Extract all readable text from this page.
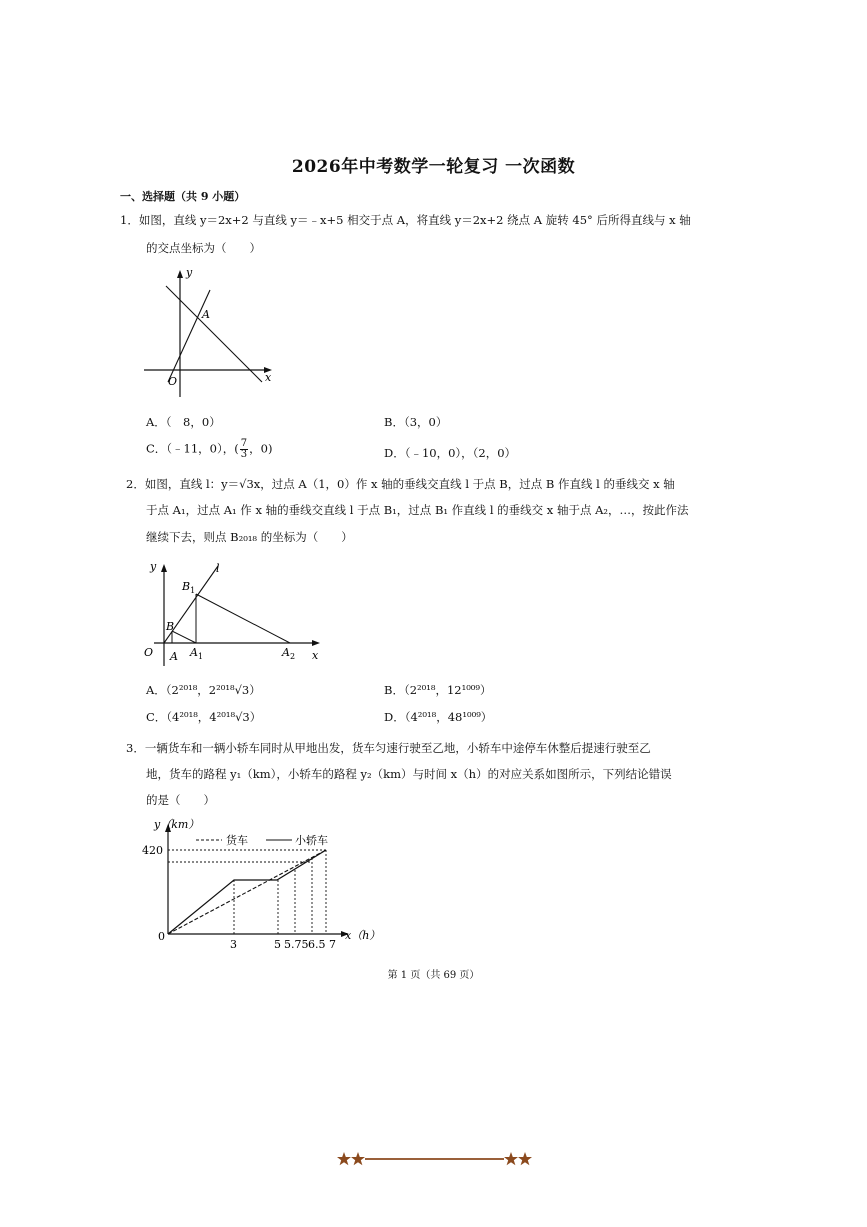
2026年中考数学一轮复习 一次函数
一、选择题（共 9 小题）
1．如图，直线 y＝2x+2 与直线 y＝﹣x+5 相交于点 A，将直线 y＝2x+2 绕点 A 旋转 45° 后所得直线与 x 轴
的交点坐标为（　　）
y
x
A
O
A．（　8，0）	B．（3，0）
C．（﹣11，0），( $\frac{7}{3}$ ，0)	D．（﹣10，0），（2，0）
2．如图，直线 l：y＝√3x，过点 A（1，0）作 x 轴的垂线交直线 l 于点 B，过点 B 作直线 l 的垂线交 x 轴
于点 A₁，过点 A₁ 作 x 轴的垂线交直线 l 于点 B₁，过点 B₁ 作直线 l 的垂线交 x 轴于点 A₂，…，按此作法
继续下去，则点 B₂₀₁₈ 的坐标为（　　）
y	l
$B_1$
B
O A $A_1$	$A_2$ x
A．（2²⁰¹⁸，2²⁰¹⁸√3）	B．（2²⁰¹⁸，12¹⁰⁰⁹）
C．（4²⁰¹⁸，4²⁰¹⁸√3）	D．（4²⁰¹⁸，48¹⁰⁰⁹）
3．一辆货车和一辆小轿车同时从甲地出发，货车匀速行驶至乙地，小轿车中途停车休整后提速行驶至乙
地，货车的路程 y₁（km），小轿车的路程 y₂（km）与时间 x（h）的对应关系如图所示，下列结论错误
的是（　　）
货车	小轿车
y（km）
420
0
3	5 5.75 6.5 7
x（h）
第 1 页（共 69 页）
